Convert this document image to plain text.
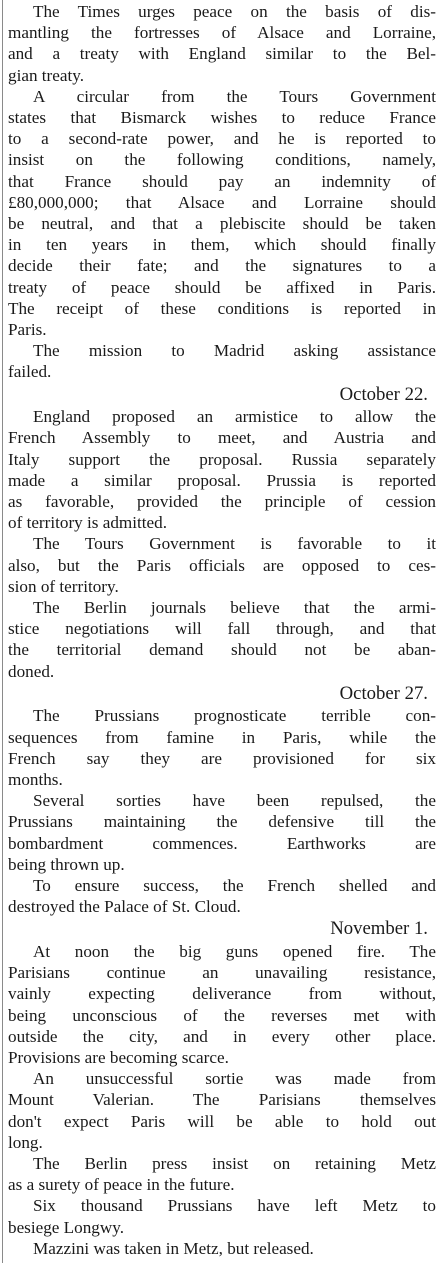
The Times urges peace on the basis of dis-
mantling the fortresses of Alsace and Lorraine,
and a treaty with England similar to the Bel-
gian treaty.
A circular from the Tours Government
states that Bismarck wishes to reduce France
to a second-rate power, and he is reported to
insist on the following conditions, namely,
that France should pay an indemnity of
£80,000,000; that Alsace and Lorraine should
be neutral, and that a plebiscite should be taken
in ten years in them, which should finally
decide their fate; and the signatures to a
treaty of peace should be affixed in Paris.
The receipt of these conditions is reported in
Paris.
The mission to Madrid asking assistance
failed.
England proposed an armistice to allow the
French Assembly to meet, and Austria and
Italy support the proposal. Russia separately
made a similar proposal. Prussia is reported
as favorable, provided the principle of cession
of territory is admitted.
The Tours Government is favorable to it
also, but the Paris officials are opposed to ces-
sion of territory.
The Berlin journals believe that the armi-
stice negotiations will fall through, and that
the territorial demand should not be aban-
doned.
The Prussians prognosticate terrible con-
sequences from famine in Paris, while the
French say they are provisioned for six
months.
Several sorties have been repulsed, the
Prussians maintaining the defensive till the
bombardment commences. Earthworks are
being thrown up.
To ensure success, the French shelled and
destroyed the Palace of St. Cloud.
At noon the big guns opened fire. The
Parisians continue an unavailing resistance,
vainly expecting deliverance from without,
being unconscious of the reverses met with
outside the city, and in every other place.
Provisions are becoming scarce.
An unsuccessful sortie was made from
Mount Valerian. The Parisians themselves
don't expect Paris will be able to hold out
long.
October 22.
October 27.
November 1.
The Berlin press insist on retaining Metz
as a surety of peace in the future.
Six thousand Prussians have left Metz to
besiege Longwy.
Mazzini was taken in Metz, but released.
